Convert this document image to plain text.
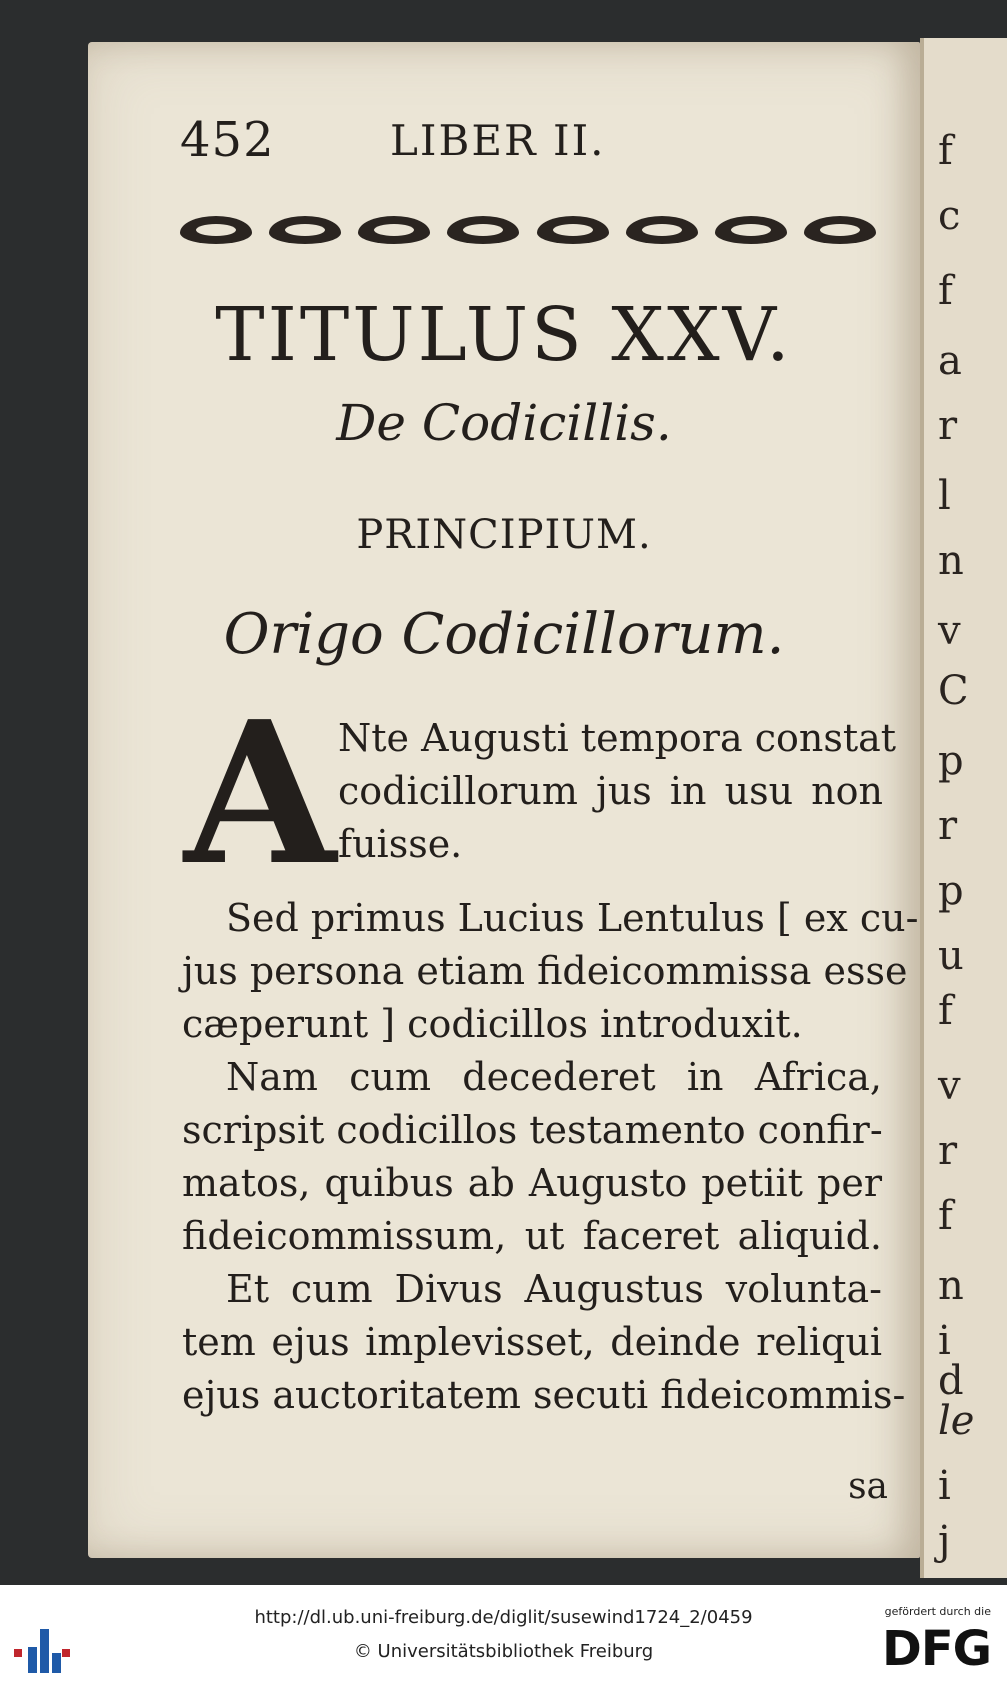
f
c
f
a
r
l
n
v
C
p
r
p
u
f
v
r
f
n
i
d
le
i
j
452	LIBER II.
TITULUS XXV.
De Codicillis.
PRINCIPIUM.
Origo Codicillorum.
A Nte Augusti tempora constat
codicillorum jus in usu non
fuisse.
Sed primus Lucius Lentulus [ ex cu-
jus persona etiam fideicommissa esse
cæperunt ] codicillos introduxit.
Nam cum decederet in Africa,
scripsit codicillos testamento confir-
matos, quibus ab Augusto petiit per
fideicommissum, ut faceret aliquid.
Et cum Divus Augustus volunta-
tem ejus implevisset, deinde reliqui
ejus auctoritatem secuti fideicommis-
sa
http://dl.ub.uni-freiburg.de/diglit/susewind1724_2/0459
© Universitätsbibliothek Freiburg
gefördert durch die
DFG
